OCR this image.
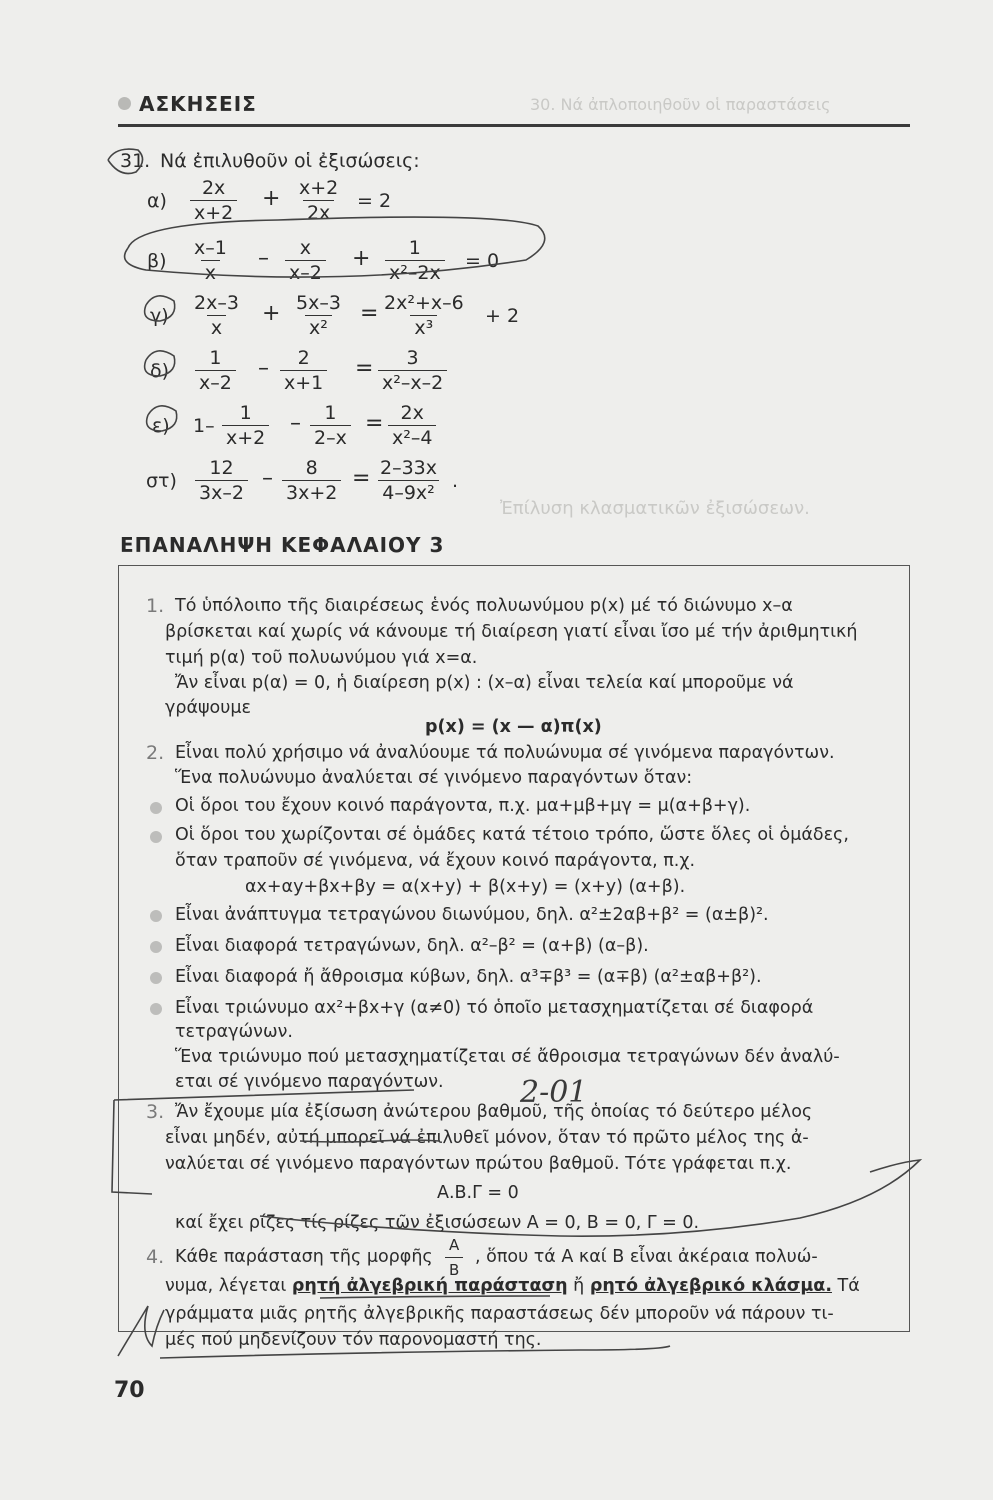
30. Νά ἀπλοποιηθοῦν οἱ παραστάσεις
Ἐπίλυση κλασματικῶν ἐξισώσεων.
ΑΣΚΗΣΕΙΣ
31. Νά ἐπιλυθοῦν οἱ ἐξισώσεις:
$\alpha) \frac{2x}{x+2} + \frac{x+2}{2x} = 2$
$\beta) \frac{x-1}{x} - \frac{x}{x-2} + \frac{1}{\text{x²–2x}} = 0$
$\gamma) \frac{2x-3}{x} + \frac{5x-3}{\text{x²}} = \frac{\text{2x²+x–6}}{\text{x³}} + 2$
$\delta) \frac{1}{x-2} - \frac{2}{x+1} = \frac{3}{\text{x²–x–2}}$
ε) $1- \frac{1}{x+2} - \frac{1}{2-x} = \frac{2x}{\text{x²–4}}$
$\sigma\tau) \frac{12}{3x-2} - \frac{8}{3x+2} = \frac{2-33x}{\text{4–9x²}}$ .
ΕΠΑΝΑΛΗΨΗ ΚΕΦΑΛΑΙΟΥ 3
1. Τό ὑπόλοιπο τῆς διαιρέσεως ἑνός πολυωνύμου p(x) μέ τό διώνυμο x–α
βρίσκεται καί χωρίς νά κάνουμε τή διαίρεση γιατί εἶναι ἴσο μέ τήν ἀριθμητική
τιμή p(α) τοῦ πολυωνύμου γιά x=α.
Ἄν εἶναι p(α) = 0, ἡ διαίρεση p(x) : (x–α) εἶναι τελεία καί μποροῦμε νά
γράψουμε
p(x) = (x — α)π(x)
2. Εἶναι πολύ χρήσιμο νά ἀναλύουμε τά πολυώνυμα σέ γινόμενα παραγόντων.
Ἕνα πολυώνυμο ἀναλύεται σέ γινόμενο παραγόντων ὅταν:
Οἱ ὅροι του ἔχουν κοινό παράγοντα, π.χ. μα+μβ+μγ = μ(α+β+γ).
Οἱ ὅροι του χωρίζονται σέ ὁμάδες κατά τέτοιο τρόπο, ὥστε ὅλες οἱ ὁμάδες,
ὅταν τραποῦν σέ γινόμενα, νά ἔχουν κοινό παράγοντα, π.χ.
αx+αy+βx+βy = α(x+y) + β(x+y) = (x+y) (α+β).
Εἶναι ἀνάπτυγμα τετραγώνου διωνύμου, δηλ. α²±2αβ+β² = (α±β)².
Εἶναι διαφορά τετραγώνων, δηλ. α²–β² = (α+β) (α–β).
Εἶναι διαφορά ἤ ἄθροισμα κύβων, δηλ. α³∓β³ = (α∓β) (α²±αβ+β²).
Εἶναι τριώνυμο αx²+βx+γ (α≠0) τό ὁποῖο μετασχηματίζεται σέ διαφορά
τετραγώνων.
Ἕνα τριώνυμο πού μετασχηματίζεται σέ ἄθροισμα τετραγώνων δέν ἀναλύ-
εται σέ γινόμενο παραγόντων.
3. Ἄν ἔχουμε μία ἐξίσωση ἀνώτερου βαθμοῦ, τῆς ὁποίας τό δεύτερο μέλος
εἶναι μηδέν, αὐτή μπορεῖ νά ἐπιλυθεῖ μόνον, ὅταν τό πρῶτο μέλος της ἀ-
ναλύεται σέ γινόμενο παραγόντων πρώτου βαθμοῦ. Τότε γράφεται π.χ.
Α.Β.Γ = 0
καί ἔχει ρίζες τίς ρίζες τῶν ἐξισώσεων Α = 0, Β = 0, Γ = 0.
4. Κάθε παράσταση τῆς μορφῆς $\frac{A}{B}$ , ὅπου τά Α καί Β εἶναι ἀκέραια πολυώ-
νυμα, λέγεται ρητή ἀλγεβρική παράσταση ἤ ρητό ἀλγεβρικό κλάσμα. Τά
γράμματα μιᾶς ρητῆς ἀλγεβρικῆς παραστάσεως δέν μποροῦν νά πάρουν τι-
μές πού μηδενίζουν τόν παρονομαστή της.
2-01
70
